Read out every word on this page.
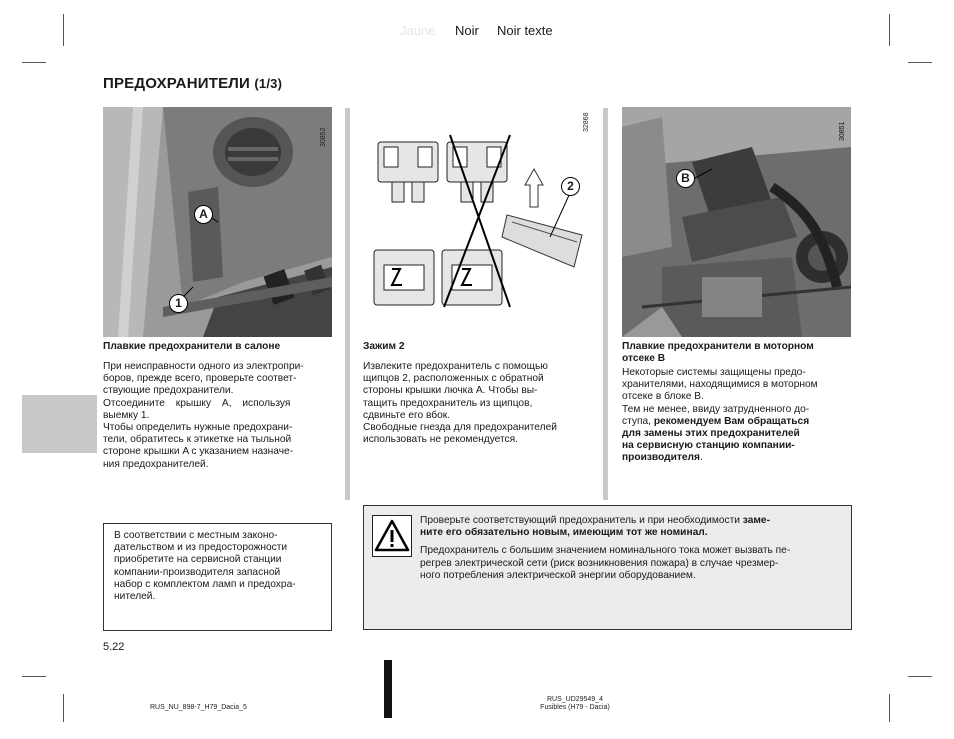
Jaune Noir Noir texte
ПРЕДОХРАНИТЕЛИ (1/3)
30852
A
1
Плавкие предохранители в салоне

При неисправности одного из электропри-

боров, прежде всего, проверьте соответ-

ствующие предохранители.

Отсоедините крышку A, используя

выемку 1.

Чтобы определить нужные предохрани-

тели, обратитесь к этикетке на тыльной

стороне крышки A с указанием назначе-

ния предохранителей.

В соответствии с местным законо-

дательством и из предосторожности

приобретите на сервисной станции

компании-производителя запасной

набор с комплектом ламп и предохра-

нителей.

32868
2
Зажим 2

Извлеките предохранитель с помощью

щипцов 2, расположенных с обратной

стороны крышки лючка A. Чтобы вы-

тащить предохранитель из щипцов,

сдвиньте его вбок.

Свободные гнезда для предохранителей

использовать не рекомендуется.

30851
B
Плавкие предохранители в моторном
отсеке B

Некоторые системы защищены предо-

хранителями, находящимися в моторном

отсеке в блоке B.

Тем не менее, ввиду затрудненного до-

ступа, рекомендуем Вам обращаться

для замены этих предохранителей

на сервисную станцию компании-

производителя.

Проверьте соответствующий предохранитель и при необходимости заме-
ните его обязательно новым, имеющим тот же номинал.

Предохранитель с большим значением номинального тока может вызвать пе-

регрев электрической сети (риск возникновения пожара) в случае чрезмер-

ного потребления электрической энергии оборудованием.

5.22
RUS_NU_898-7_H79_Dacia_5
RUS_UD29549_4
Fusibles (H79 - Dacia)
